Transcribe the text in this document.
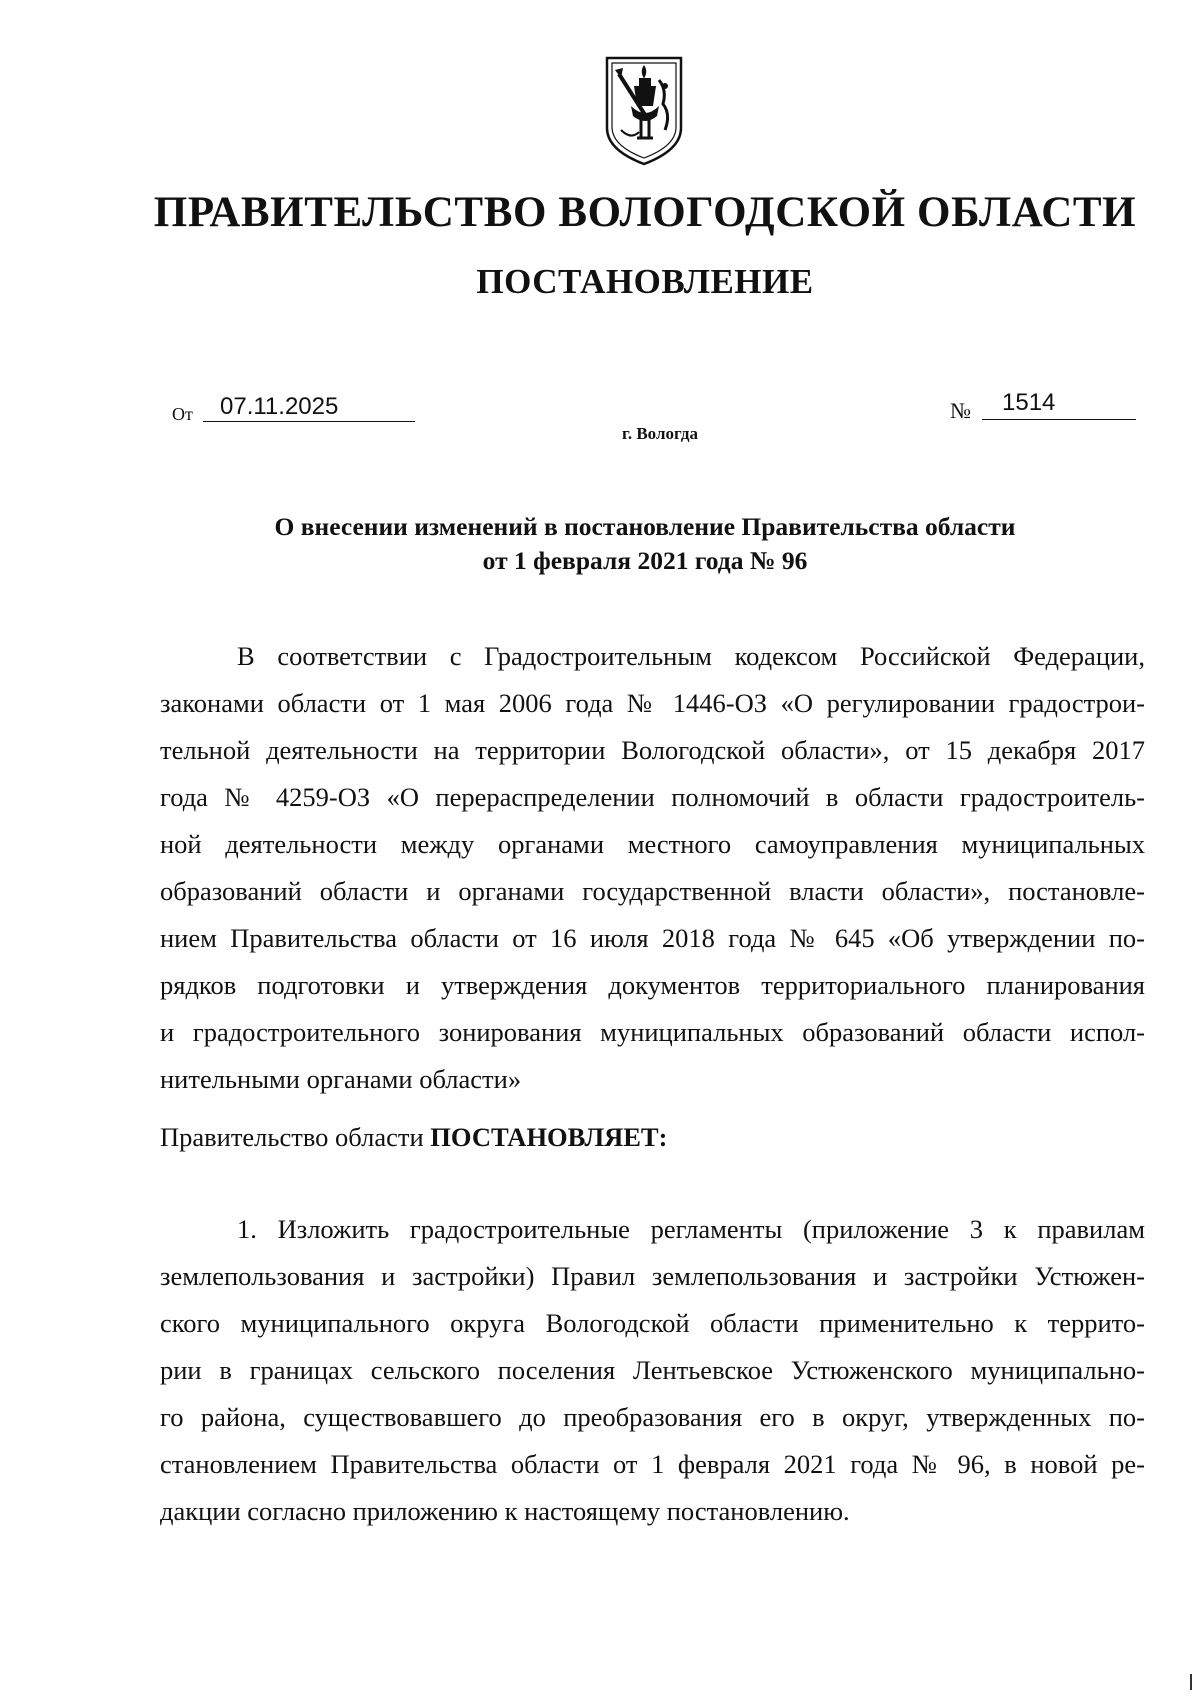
ПРАВИТЕЛЬСТВО ВОЛОГОДСКОЙ ОБЛАСТИ
ПОСТАНОВЛЕНИЕ
От 07.11.2025	№ 1514
г. Вологда
О внесении изменений в постановление Правительства области
от 1 февраля 2021 года № 96
В соответствии с Градостроительным кодексом Российской Федерации,
законами области от 1 мая 2006 года № 1446-ОЗ «О регулировании градострои-
тельной деятельности на территории Вологодской области», от 15 декабря 2017
года № 4259-ОЗ «О перераспределении полномочий в области градостроитель-
ной деятельности между органами местного самоуправления муниципальных
образований области и органами государственной власти области», постановле-
нием Правительства области от 16 июля 2018 года № 645 «Об утверждении по-
рядков подготовки и утверждения документов территориального планирования
и градостроительного зонирования муниципальных образований области испол-
нительными органами области»
Правительство области ПОСТАНОВЛЯЕТ:
1. Изложить градостроительные регламенты (приложение 3 к правилам
землепользования и застройки) Правил землепользования и застройки Устюжен-
ского муниципального округа Вологодской области применительно к террито-
рии в границах сельского поселения Лентьевское Устюженского муниципально-
го района, существовавшего до преобразования его в округ, утвержденных по-
становлением Правительства области от 1 февраля 2021 года № 96, в новой ре-
дакции согласно приложению к настоящему постановлению.
